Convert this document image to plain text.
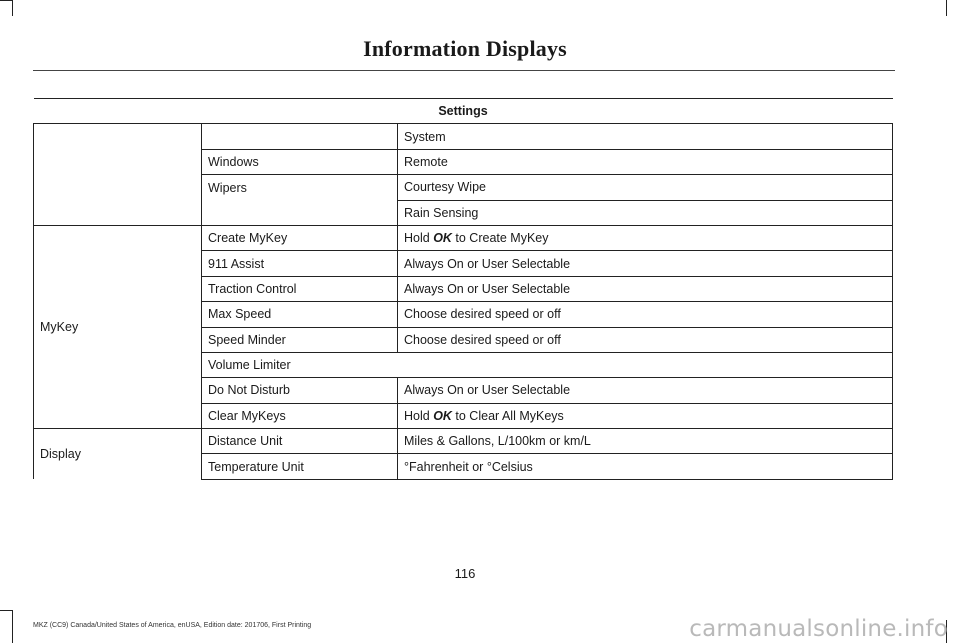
Information Displays
Settings		
		System
	Windows	Remote
	Wipers	Courtesy Wipe
		Rain Sensing
MyKey	Create MyKey	Hold OK to Create MyKey
	911 Assist	Always On or User Selectable
	Traction Control	Always On or User Selectable
	Max Speed	Choose desired speed or off
	Speed Minder	Choose desired speed or off
	Volume Limiter	
	Do Not Disturb	Always On or User Selectable
	Clear MyKeys	Hold OK to Clear All MyKeys
Display	Distance Unit	Miles & Gallons, L/100km or km/L
	Temperature Unit	°Fahrenheit or °Celsius
116
MKZ (CC9) Canada/United States of America, enUSA, Edition date: 201706, First Printing	carmanualsonline.info
